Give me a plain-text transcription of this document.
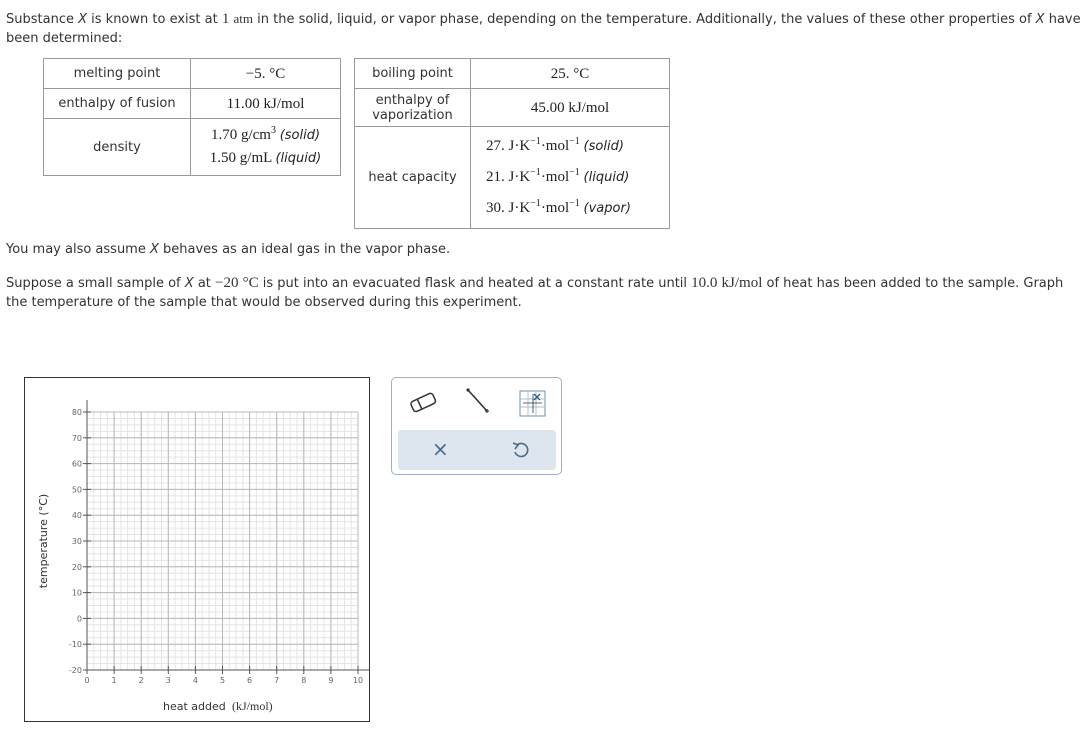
Substance X is known to exist at 1 atm in the solid, liquid, or vapor phase, depending on the temperature. Additionally, the values of these other properties of X have been determined:
melting point	−5. °C
enthalpy of fusion	11.00 kJ/mol
density	1.70 $g/cm^3$ (solid)
1.50 g/mL (liquid)
boiling point	25. °C

enthalpy of
vaporization	45.00 kJ/mol
heat capacity	27. $J\cdot K^{-1}\cdot mol^{-1}$ (solid)
21. $J\cdot K^{-1}\cdot mol^{-1}$ (liquid)
30. $J\cdot K^{-1}\cdot mol^{-1}$ (vapor)
You may also assume X behaves as an ideal gas in the vapor phase.
Suppose a small sample of X at −20 °C is put into an evacuated flask and heated at a constant rate until 10.0 kJ/mol of heat has been added to the sample. Graph the temperature of the sample that would be observed during this experiment.
0	1	2	3	4	5	6	7	8	9 10
80
70
60
50
40
30
20
10
0
-10
-20
temperature (°C)
heat added (kJ/mol)
×
